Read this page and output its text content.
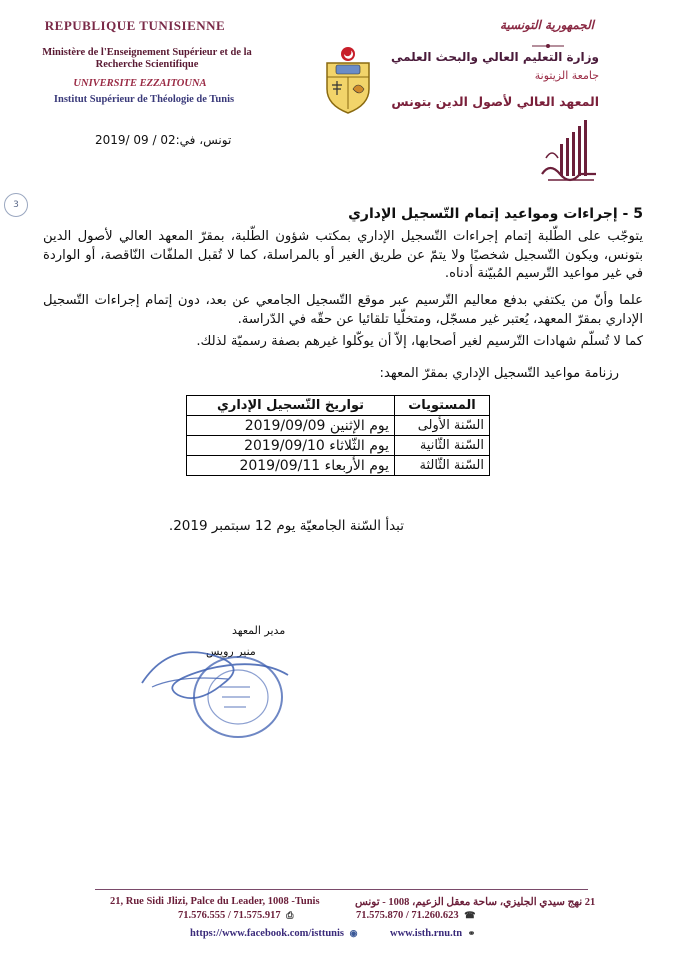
REPUBLIQUE TUNISIENNE
Ministère de l'Enseignement Supérieur et de la Recherche Scientifique
UNIVERSITE EZZAITOUNA
Institut Supérieur de Théologie de Tunis
الجمهورية التونسية
وزارة التعليم العالي والبحث العلمي
جامعة الزيتونة
المعهد العالي لأصول الدين بتونس
تونس، في:02 / 09 /2019
3
5 - إجراءات ومواعيد إتمام التّسجيل الإداري
يتوجّب على الطّلبة إتمام إجراءات التّسجيل الإداري بمكتب شؤون الطّلبة، بمقرّ المعهد العالي لأصول الدين بتونس، ويكون التّسجيل شخصيًا ولا يتمّ عن طريق الغير أو بالمراسلة، كما لا تُقبل الملفّات النّاقصة، أو الواردة في غير مواعيد التّرسيم المُبيّنة أدناه.
علما وأنّ من يكتفي بدفع معاليم التّرسيم عبر موقع التّسجيل الجامعي عن بعد، دون إتمام إجراءات التّسجيل الإداري بمقرّ المعهد، يُعتبر غير مسجّل، ومتخلّيا تلقائيا عن حقّه في الدّراسة.
كما لا تُسلّم شهادات التّرسيم لغير أصحابها، إلاّ أن يوكّلوا غيرهم بصفة رسميّة لذلك.
رزنامة مواعيد التّسجيل الإداري بمقرّ المعهد:
المستويات	تواريخ التّسجيل الإداري
السّنة الأولى	يوم الإثنين 2019/09/09
السّنة الثّانية	يوم الثّلاثاء 2019/09/10
السّنة الثّالثة	يوم الأربعاء 2019/09/11
تبدأ السّنة الجامعيّة يوم 12 سبتمبر 2019.
مدير المعهد
منير رويس
21, Rue Sidi Jlizi, Palce du Leader, 1008 -Tunis	21 نهج سيدي الجليزي، ساحة معقل الزعيم، 1008 - تونس
71.576.555 / 71.575.917 ⎙	71.575.870 / 71.260.623 ☎
https://www.facebook.com/isttunis ◉	www.isth.rnu.tn ⚭
